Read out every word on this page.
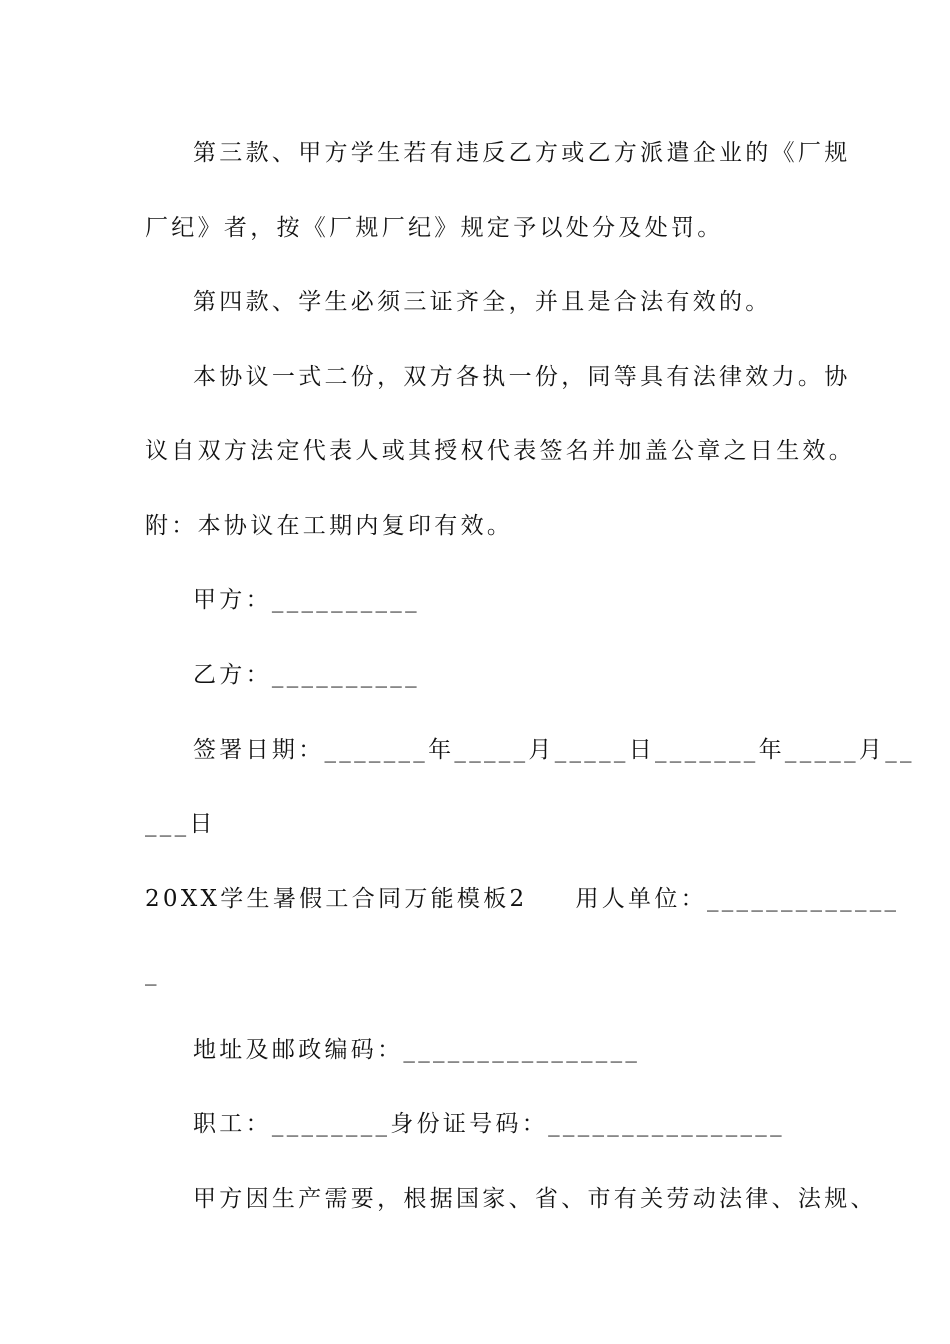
第三款、甲方学生若有违反乙方或乙方派遣企业的《厂规
厂纪》者，按《厂规厂纪》规定予以处分及处罚。
第四款、学生必须三证齐全，并且是合法有效的。
本协议一式二份，双方各执一份，同等具有法律效力。协
议自双方法定代表人或其授权代表签名并加盖公章之日生效。
附：本协议在工期内复印有效。
甲方：__________
乙方：__________
签署日期：_______年_____月_____日_______年_____月__
___日
20XX学生暑假工合同万能模板2 用人单位：_____________
_
地址及邮政编码：________________
职工：________身份证号码：________________
甲方因生产需要，根据国家、省、市有关劳动法律、法规、
